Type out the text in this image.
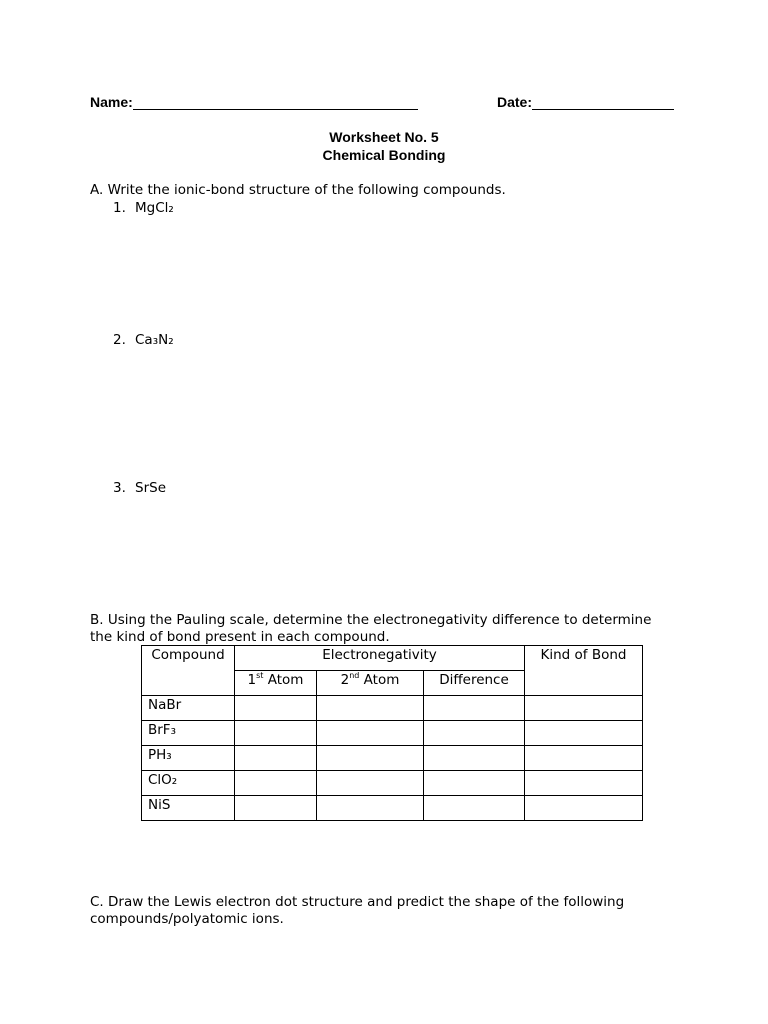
Name:	Date:
Worksheet No. 5
Chemical Bonding
A. Write the ionic-bond structure of the following compounds.
1. MgCl₂
2. Ca₃N₂
3. SrSe
B. Using the Pauling scale, determine the electronegativity difference to determine
the kind of bond present in each compound.
Compound	Electronegativity			Kind of Bond
	1st Atom	2nd Atom	Difference	
NaBr				
BrF₃				
PH₃				
ClO₂				
NiS				
C. Draw the Lewis electron dot structure and predict the shape of the following
compounds/polyatomic ions.
